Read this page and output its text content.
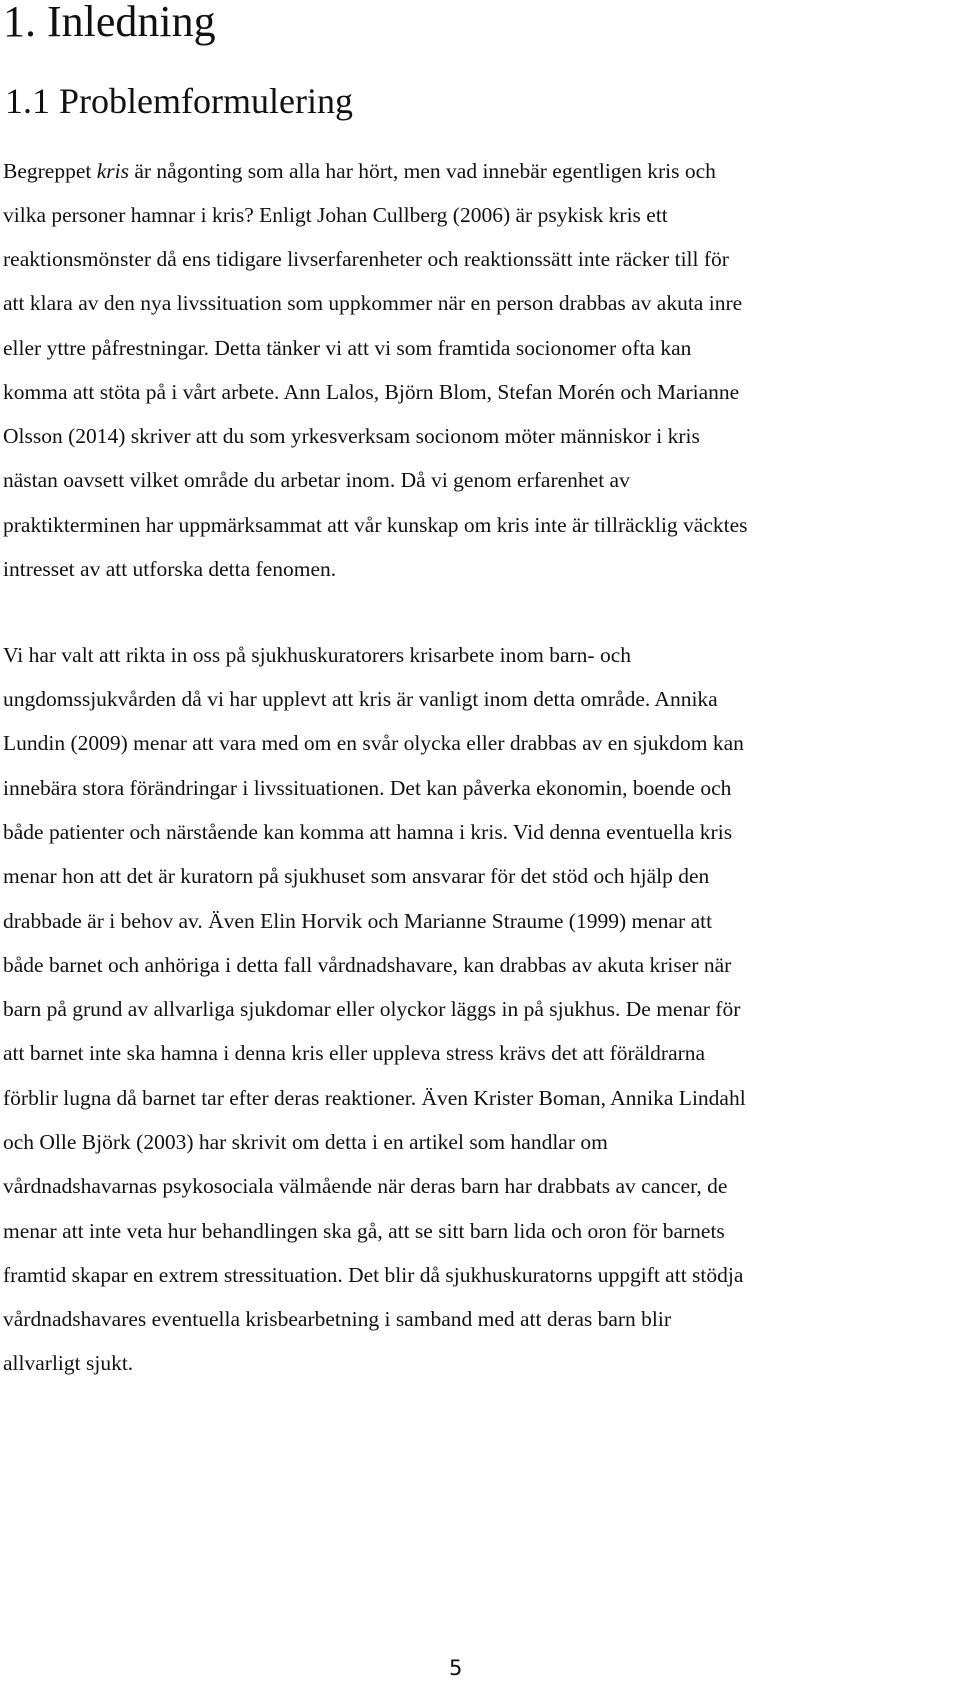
1. Inledning
1.1 Problemformulering

Begreppet kris är någonting som alla har hört, men vad innebär egentligen kris och

vilka personer hamnar i kris? Enligt Johan Cullberg (2006) är psykisk kris ett

reaktionsmönster då ens tidigare livserfarenheter och reaktionssätt inte räcker till för

att klara av den nya livssituation som uppkommer när en person drabbas av akuta inre

eller yttre påfrestningar. Detta tänker vi att vi som framtida socionomer ofta kan

komma att stöta på i vårt arbete. Ann Lalos, Björn Blom, Stefan Morén och Marianne

Olsson (2014) skriver att du som yrkesverksam socionom möter människor i kris

nästan oavsett vilket område du arbetar inom. Då vi genom erfarenhet av

praktikterminen har uppmärksammat att vår kunskap om kris inte är tillräcklig väcktes

intresset av att utforska detta fenomen.

Vi har valt att rikta in oss på sjukhuskuratorers krisarbete inom barn- och

ungdomssjukvården då vi har upplevt att kris är vanligt inom detta område. Annika

Lundin (2009) menar att vara med om en svår olycka eller drabbas av en sjukdom kan

innebära stora förändringar i livssituationen. Det kan påverka ekonomin, boende och

både patienter och närstående kan komma att hamna i kris. Vid denna eventuella kris

menar hon att det är kuratorn på sjukhuset som ansvarar för det stöd och hjälp den

drabbade är i behov av. Även Elin Horvik och Marianne Straume (1999) menar att

både barnet och anhöriga i detta fall vårdnadshavare, kan drabbas av akuta kriser när

barn på grund av allvarliga sjukdomar eller olyckor läggs in på sjukhus. De menar för

att barnet inte ska hamna i denna kris eller uppleva stress krävs det att föräldrarna

förblir lugna då barnet tar efter deras reaktioner. Även Krister Boman, Annika Lindahl

och Olle Björk (2003) har skrivit om detta i en artikel som handlar om

vårdnadshavarnas psykosociala välmående när deras barn har drabbats av cancer, de

menar att inte veta hur behandlingen ska gå, att se sitt barn lida och oron för barnets

framtid skapar en extrem stressituation. Det blir då sjukhuskuratorns uppgift att stödja

vårdnadshavares eventuella krisbearbetning i samband med att deras barn blir

allvarligt sjukt.

5
